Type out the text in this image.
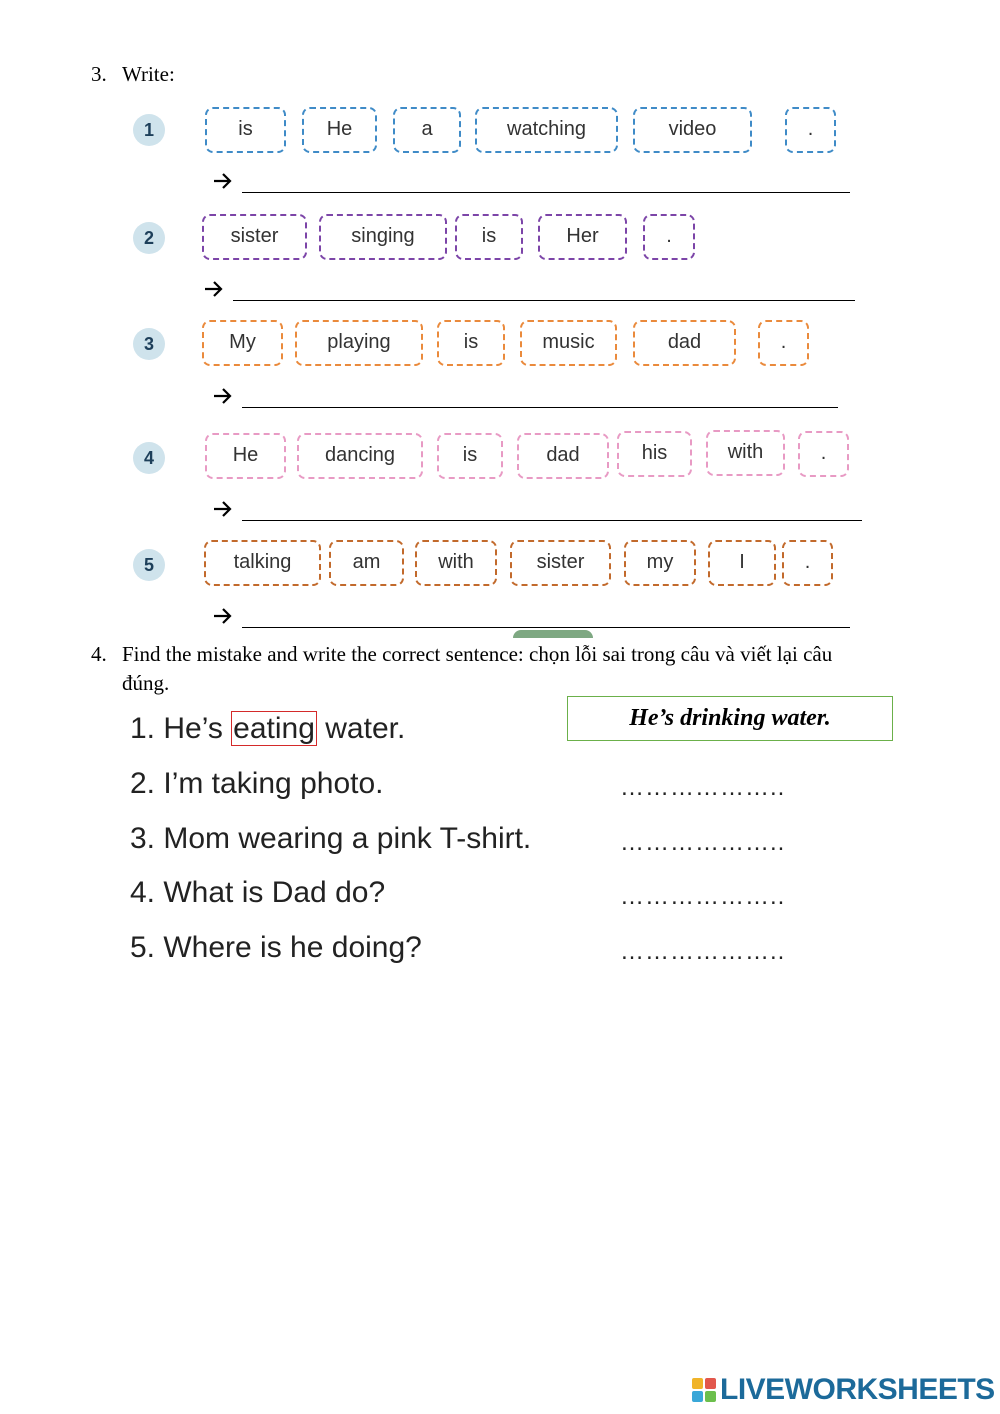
3. Write:
1	is	He	a	watching	video	.
2	sister	singing	is	Her	.
3	My	playing	is	music	dad	.
4	He	dancing	is	dad	his	with	.
5	talking	am	with	sister	my	I	.
4. Find the mistake and write the correct sentence: chọn lỗi sai trong câu và viết lại câu
đúng.
1. He’s eating water.	He’s drinking water.
2. I’m taking photo.	………………..
3. Mom wearing a pink T-shirt.	………………..
4. What is Dad do?	………………..
5. Where is he doing?	………………..
LIVEWORKSHEETS
